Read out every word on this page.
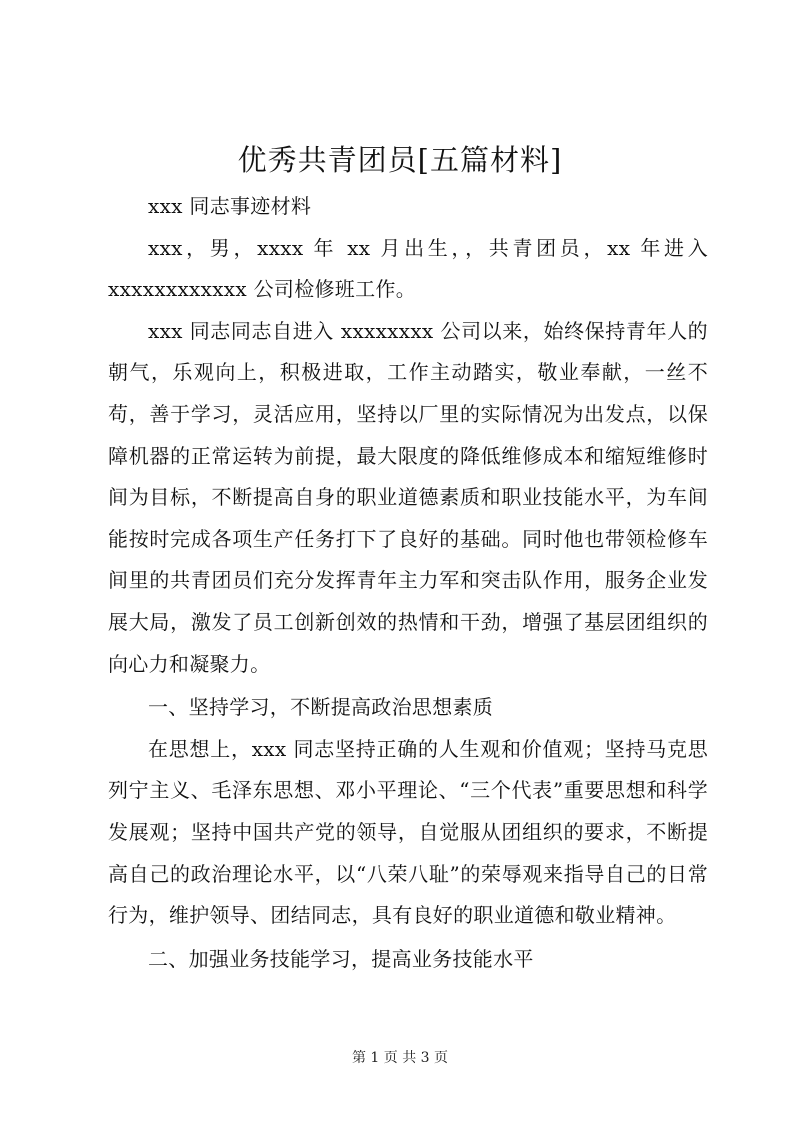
优秀共青团员[五篇材料]

xxx 同志事迹材料

xxx，男，xxxx 年 xx 月出生，，共青团员，xx 年进入 xxxxxxxxxxxx 公司检修班工作。

xxx 同志同志自进入 xxxxxxxx 公司以来，始终保持青年人的朝气，乐观向上，积极进取，工作主动踏实，敬业奉献，一丝不苟，善于学习，灵活应用，坚持以厂里的实际情况为出发点，以保障机器的正常运转为前提，最大限度的降低维修成本和缩短维修时间为目标，不断提高自身的职业道德素质和职业技能水平，为车间能按时完成各项生产任务打下了良好的基础。同时他也带领检修车间里的共青团员们充分发挥青年主力军和突击队作用，服务企业发展大局，激发了员工创新创效的热情和干劲，增强了基层团组织的向心力和凝聚力。

一、坚持学习，不断提高政治思想素质

在思想上，xxx 同志坚持正确的人生观和价值观；坚持马克思列宁主义、毛泽东思想、邓小平理论、“三个代表”重要思想和科学发展观；坚持中国共产党的领导，自觉服从团组织的要求，不断提高自己的政治理论水平，以“八荣八耻”的荣辱观来指导自己的日常行为，维护领导、团结同志，具有良好的职业道德和敬业精神。

二、加强业务技能学习，提高业务技能水平

第 1 页 共 3 页
